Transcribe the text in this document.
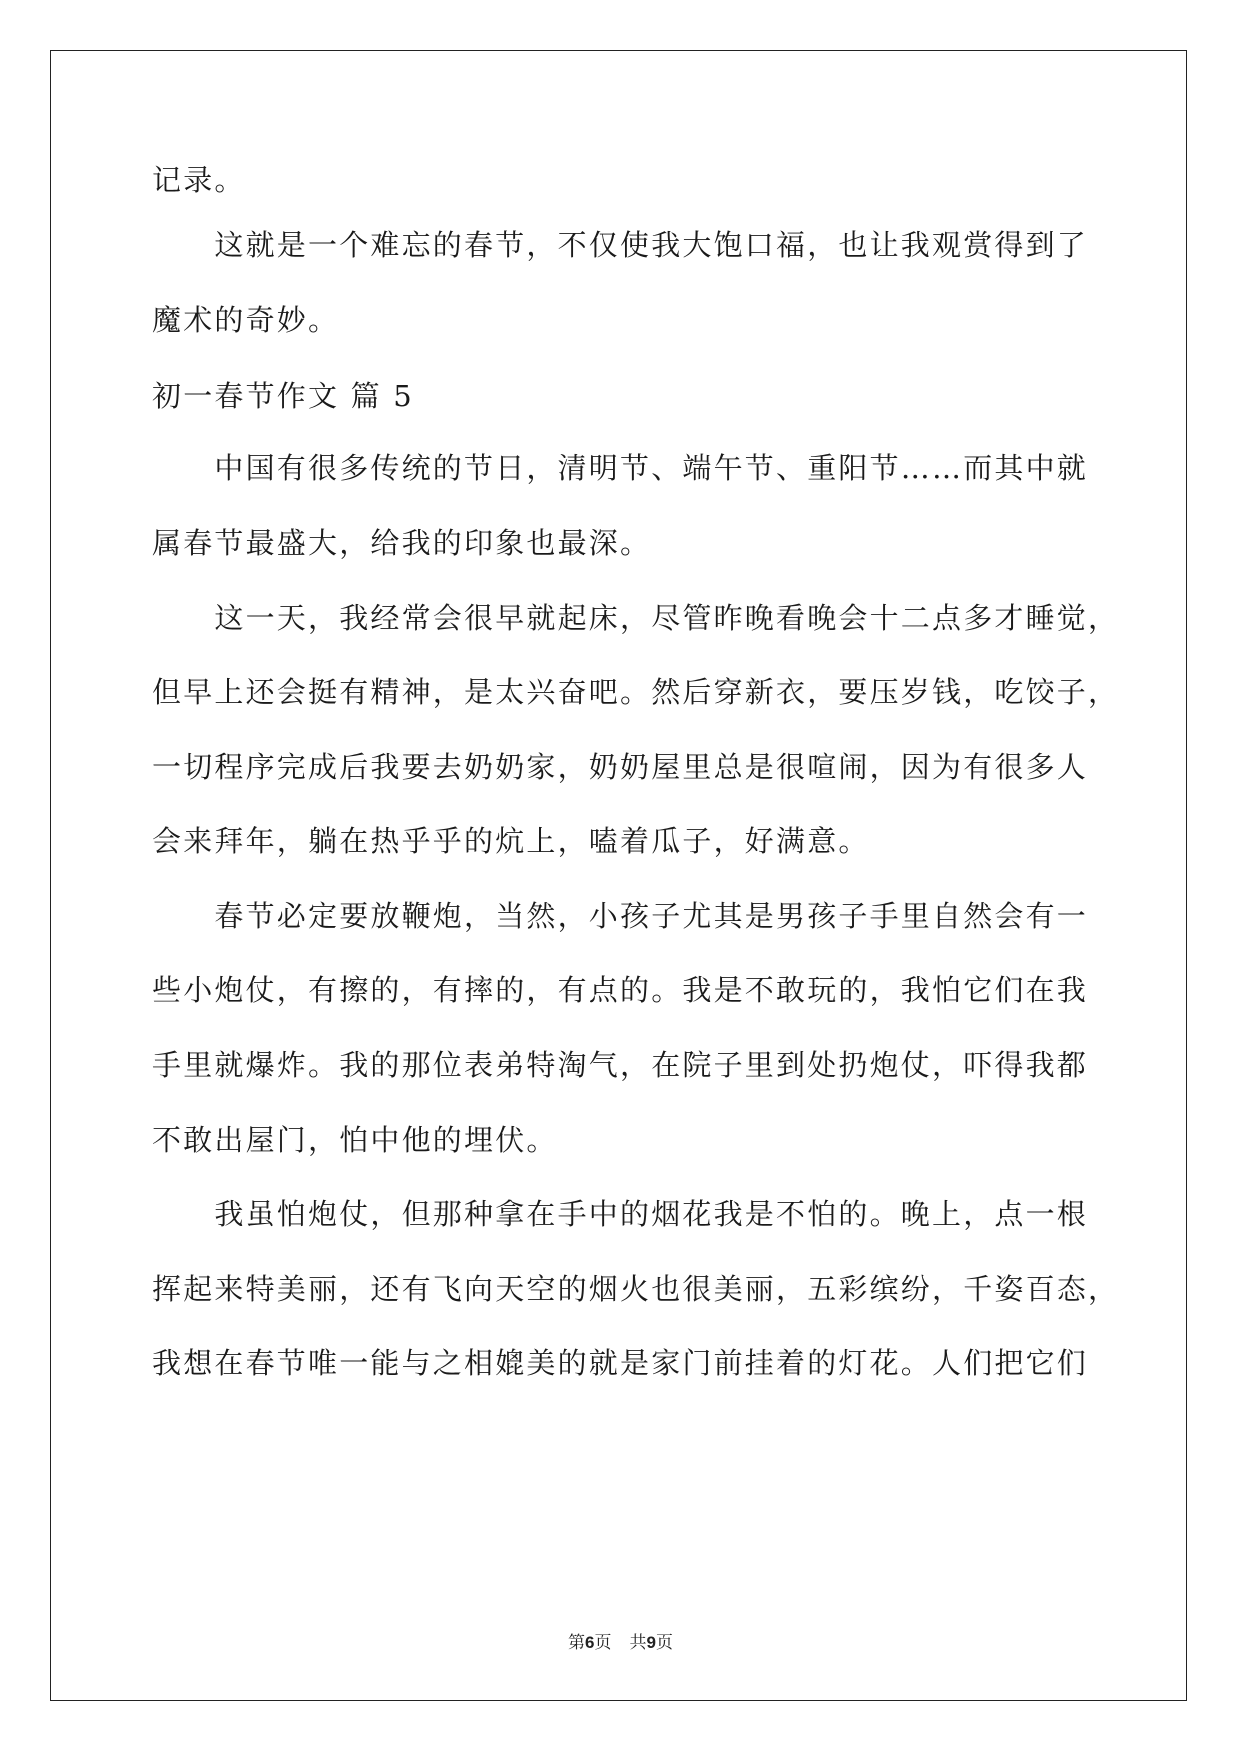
记录。
　　这就是一个难忘的春节，不仅使我大饱口福，也让我观赏得到了
魔术的奇妙。
初一春节作文 篇 5
　　中国有很多传统的节日，清明节、端午节、重阳节……而其中就
属春节最盛大，给我的印象也最深。
　　这一天，我经常会很早就起床，尽管昨晚看晚会十二点多才睡觉，
但早上还会挺有精神，是太兴奋吧。然后穿新衣，要压岁钱，吃饺子，
一切程序完成后我要去奶奶家，奶奶屋里总是很喧闹，因为有很多人
会来拜年，躺在热乎乎的炕上，嗑着瓜子，好满意。
　　春节必定要放鞭炮，当然，小孩子尤其是男孩子手里自然会有一
些小炮仗，有擦的，有摔的，有点的。我是不敢玩的，我怕它们在我
手里就爆炸。我的那位表弟特淘气，在院子里到处扔炮仗，吓得我都
不敢出屋门，怕中他的埋伏。
　　我虽怕炮仗，但那种拿在手中的烟花我是不怕的。晚上，点一根
挥起来特美丽，还有飞向天空的烟火也很美丽，五彩缤纷，千姿百态，
我想在春节唯一能与之相媲美的就是家门前挂着的灯花。人们把它们
第6页 共9页
